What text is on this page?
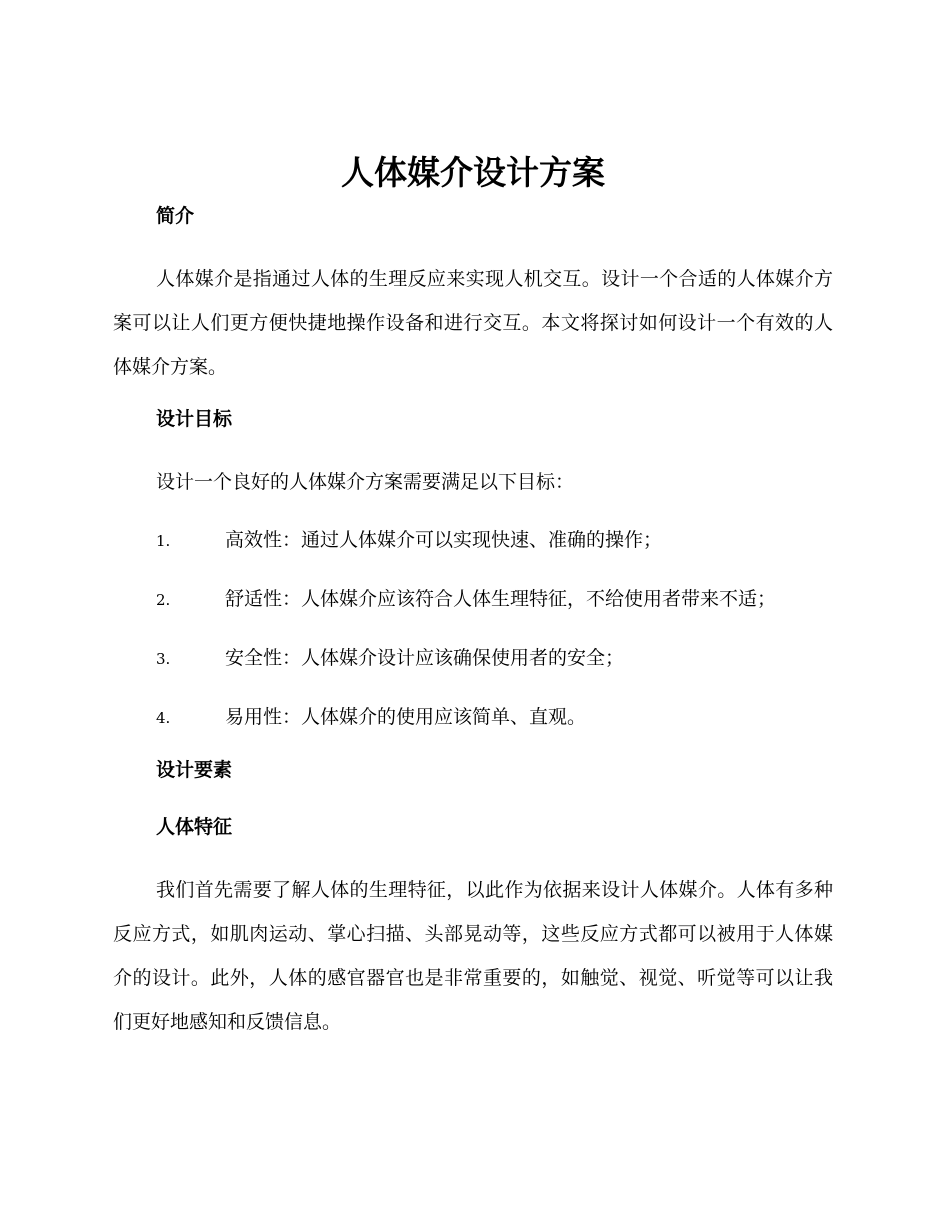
人体媒介设计方案
简介

人体媒介是指通过人体的生理反应来实现人机交互。设计一个合适的人体媒介方案可以让人们更方便快捷地操作设备和进行交互。本文将探讨如何设计一个有效的人体媒介方案。

设计目标

设计一个良好的人体媒介方案需要满足以下目标：

1.	高效性：通过人体媒介可以实现快速、准确的操作；
2.	舒适性：人体媒介应该符合人体生理特征，不给使用者带来不适；
3.	安全性：人体媒介设计应该确保使用者的安全；
4.	易用性：人体媒介的使用应该简单、直观。
设计要素
人体特征

我们首先需要了解人体的生理特征，以此作为依据来设计人体媒介。人体有多种反应方式，如肌肉运动、掌心扫描、头部晃动等，这些反应方式都可以被用于人体媒介的设计。此外，人体的感官器官也是非常重要的，如触觉、视觉、听觉等可以让我们更好地感知和反馈信息。
